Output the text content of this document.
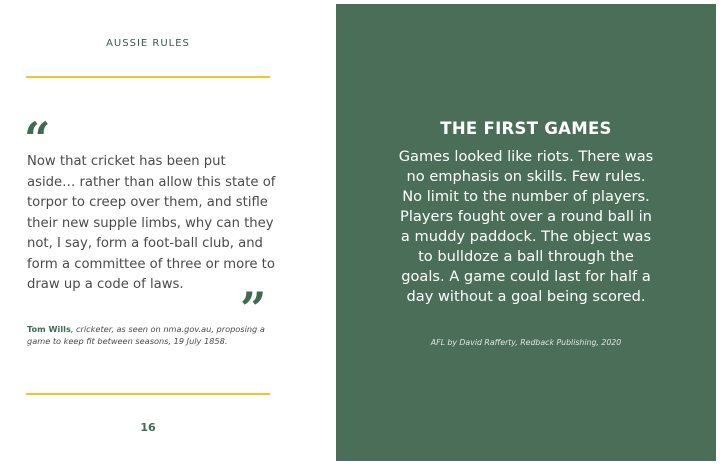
AUSSIE RULES
“
Now that cricket has been put aside… rather than allow this state of torpor to creep over them, and stifle their new supple limbs, why can they not, I say, form a foot-ball club, and form a committee of three or more to draw up a code of laws.	”
Tom Wills, cricketer, as seen on nma.gov.au, proposing a game to keep fit between seasons, 19 July 1858.
16
THE FIRST GAMES
Games looked like riots. There was no emphasis on skills. Few rules. No limit to the number of players. Players fought over a round ball in a muddy paddock. The object was to bulldoze a ball through the goals. A game could last for half a day without a goal being scored.
AFL by David Rafferty, Redback Publishing, 2020
